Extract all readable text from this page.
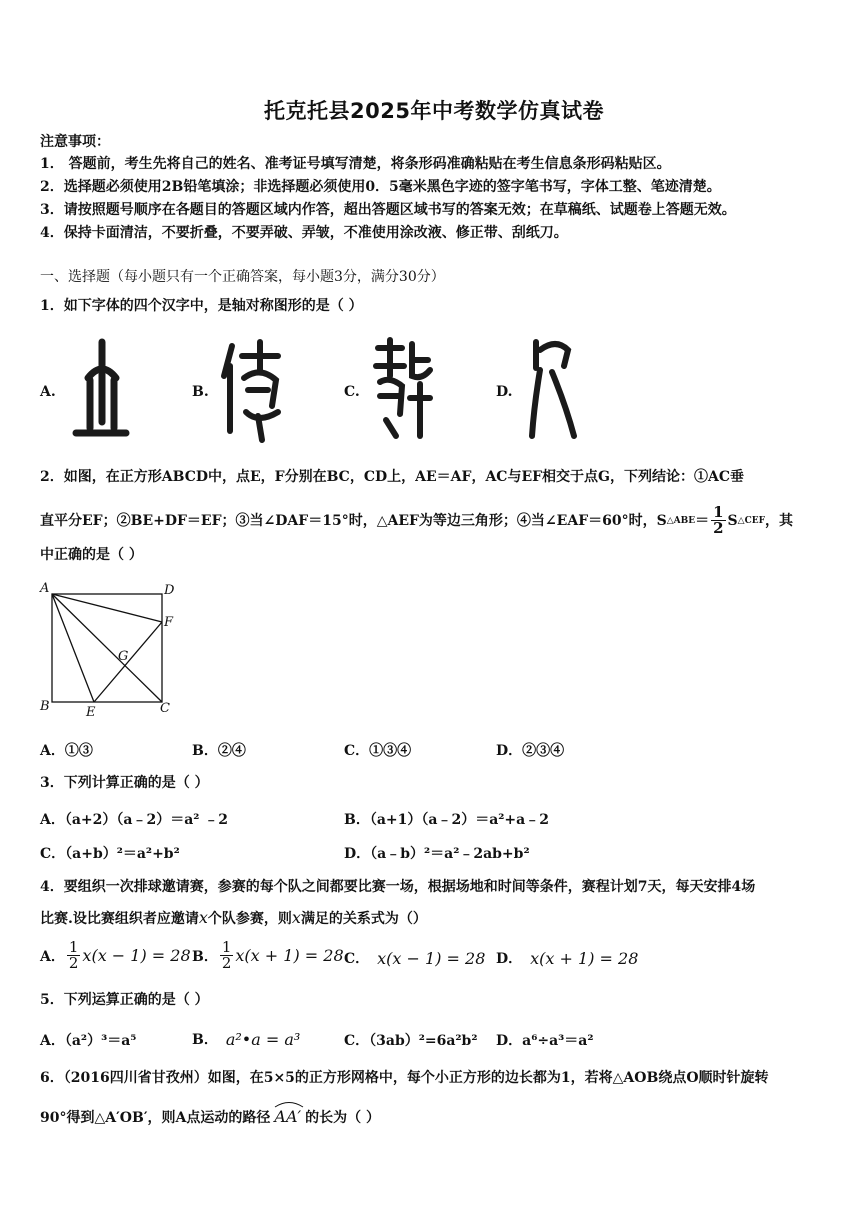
托克托县2025年中考数学仿真试卷
注意事项：
1． 答题前，考生先将自己的姓名、准考证号填写清楚，将条形码准确粘贴在考生信息条形码粘贴区。
2．选择题必须使用2B铅笔填涂；非选择题必须使用0．5毫米黑色字迹的签字笔书写，字体工整、笔迹清楚。
3．请按照题号顺序在各题目的答题区域内作答，超出答题区域书写的答案无效；在草稿纸、试题卷上答题无效。
4．保持卡面清洁，不要折叠，不要弄破、弄皱，不准使用涂改液、修正带、刮纸刀。
一、选择题（每小题只有一个正确答案，每小题3分，满分30分）
1．如下字体的四个汉字中，是轴对称图形的是（ ）
A.	B.	C.	D.
2．如图，在正方形ABCD中，点E，F分别在BC，CD上，AE＝AF，AC与EF相交于点G，下列结论：①AC垂
直平分EF；②BE+DF＝EF；③当∠DAF＝15°时，△AEF为等边三角形；④当∠EAF＝60°时，S △ABE ＝ $\frac{1}{2}$ S △CEF ，其
中正确的是（ ）
A	D
F
G
B	E	C
A．①③	B．②④	C．①③④	D．②③④
3．下列计算正确的是（ ）
A．（a+2）（a﹣2）＝a² ﹣2	B．（a+1）（a﹣2）＝a²+a﹣2
C．（a+b）²＝a²+b²	D．（a﹣b）²＝a²﹣2ab+b²
4．要组织一次排球邀请赛，参赛的每个队之间都要比赛一场，根据场地和时间等条件，赛程计划7天，每天安排4场
比赛.设比赛组织者应邀请x个队参赛，则x满足的关系式为（）
A． $\frac{1}{2} x(x - 1) = 28$ B． $\frac{1}{2} x(x + 1) = 28$ C． x(x − 1) = 28 D． x(x + 1) = 28
5．下列运算正确的是（ ）
A．（a²）³＝a⁵	B． a²•a = a³	C．（3ab）²=6a²b² D．a⁶÷a³＝a²
6．（2016四川省甘孜州）如图，在5×5的正方形网格中，每个小正方形的边长都为1，若将△AOB绕点O顺时针旋转
90°得到△A′OB′，则A点运动的路径 AA′ 的长为（ ）
